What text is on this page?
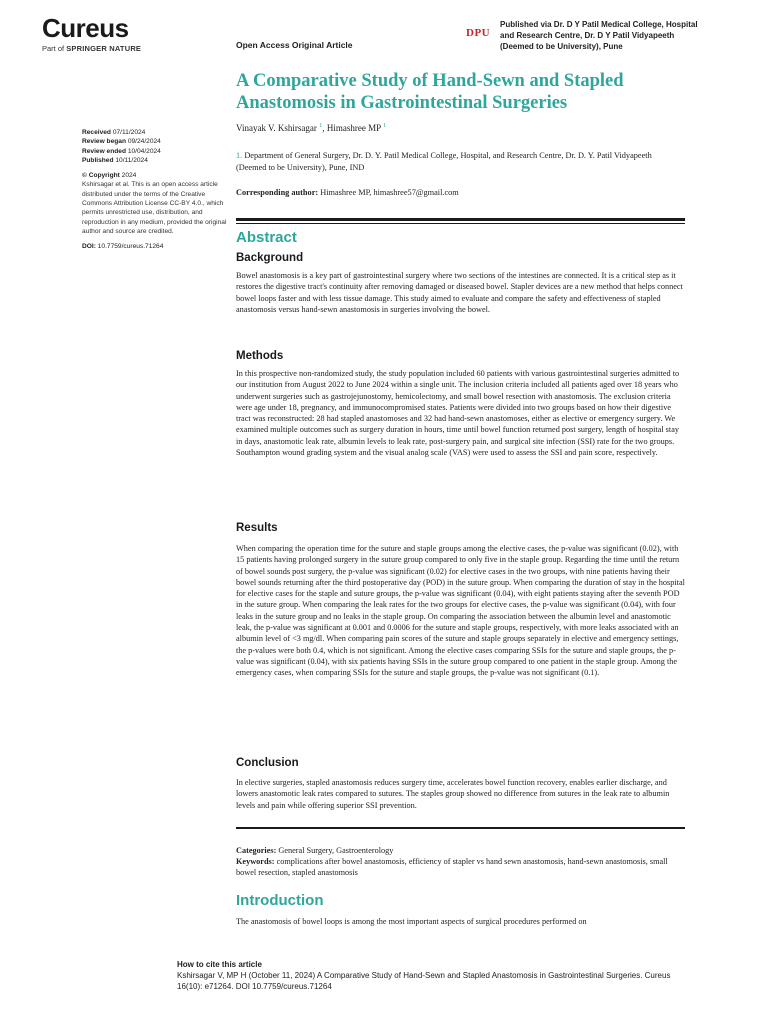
Cureus
Part of SPRINGER NATURE	Open Access Original Article
DPU
Published via Dr. D Y Patil Medical College, Hospital and Research Centre, Dr. D Y Patil Vidyapeeth (Deemed to be University), Pune
A Comparative Study of Hand-Sewn and Stapled Anastomosis in Gastrointestinal Surgeries
Vinayak V. Kshirsagar $^1$, Himashree MP $^1$
1. Department of General Surgery, Dr. D. Y. Patil Medical College, Hospital, and Research Centre, Dr. D. Y. Patil Vidyapeeth (Deemed to be University), Pune, IND
Corresponding author: Himashree MP, himashree57@gmail.com
Received 07/11/2024
Review began 09/24/2024
Review ended 10/04/2024
Published 10/11/2024
© Copyright 2024
Kshirsagar et al. This is an open access article distributed under the terms of the Creative Commons Attribution License CC-BY 4.0., which permits unrestricted use, distribution, and reproduction in any medium, provided the original author and source are credited.
DOI: 10.7759/cureus.71264
Abstract
Background

Bowel anastomosis is a key part of gastrointestinal surgery where two sections of the intestines are connected. It is a critical step as it restores the digestive tract's continuity after removing damaged or diseased bowel. Stapler devices are a new method that helps connect bowel loops faster and with less tissue damage. This study aimed to evaluate and compare the safety and effectiveness of stapled anastomosis versus hand-sewn anastomosis in surgeries involving the bowel.

Methods

In this prospective non-randomized study, the study population included 60 patients with various gastrointestinal surgeries admitted to our institution from August 2022 to June 2024 within a single unit. The inclusion criteria included all patients aged over 18 years who underwent surgeries such as gastrojejunostomy, hemicolectomy, and small bowel resection with anastomosis. The exclusion criteria were age under 18, pregnancy, and immunocompromised states. Patients were divided into two groups based on how their digestive tract was reconstructed: 28 had stapled anastomoses and 32 had hand-sewn anastomoses, either as elective or emergency surgery. We examined multiple outcomes such as surgery duration in hours, time until bowel function returned post surgery, length of hospital stay in days, anastomotic leak rate, albumin levels to leak rate, post-surgery pain, and surgical site infection (SSI) rate for the two groups. Southampton wound grading system and the visual analog scale (VAS) were used to assess the SSI and pain score, respectively.

Results

When comparing the operation time for the suture and staple groups among the elective cases, the p-value was significant (0.02), with 15 patients having prolonged surgery in the suture group compared to only five in the staple group. Regarding the time until the return of bowel sounds post surgery, the p-value was significant (0.02) for elective cases in the two groups, with nine patients having their bowel sounds returning after the third postoperative day (POD) in the suture group. When comparing the duration of stay in the hospital for elective cases for the staple and suture groups, the p-value was significant (0.04), with eight patients staying after the seventh POD in the suture group. When comparing the leak rates for the two groups for elective cases, the p-value was significant (0.04), with four leaks in the suture group and no leaks in the staple group. On comparing the association between the albumin level and anastomotic leak, the p-value was significant at 0.001 and 0.0006 for the suture and staple groups, respectively, with more leaks associated with an albumin level of <3 mg/dl. When comparing pain scores of the suture and staple groups separately in elective and emergency settings, the p-values were both 0.4, which is not significant. Among the elective cases comparing SSIs for the suture and staple groups, the p-value was significant (0.04), with six patients having SSIs in the suture group compared to one patient in the staple group. Among the emergency cases, when comparing SSIs for the suture and staple groups, the p-value was not significant (0.1).

Conclusion

In elective surgeries, stapled anastomosis reduces surgery time, accelerates bowel function recovery, enables earlier discharge, and lowers anastomotic leak rates compared to sutures. The staples group showed no difference from sutures in the leak rate to albumin levels and pain while offering superior SSI prevention.

Categories: General Surgery, Gastroenterology
Keywords: complications after bowel anastomosis, efficiency of stapler vs hand sewn anastomosis, hand-sewn anastomosis, small bowel resection, stapled anastomosis
Introduction

The anastomosis of bowel loops is among the most important aspects of surgical procedures performed on

How to cite this article
Kshirsagar V, MP H (October 11, 2024) A Comparative Study of Hand-Sewn and Stapled Anastomosis in Gastrointestinal Surgeries. Cureus 16(10): e71264. DOI 10.7759/cureus.71264
